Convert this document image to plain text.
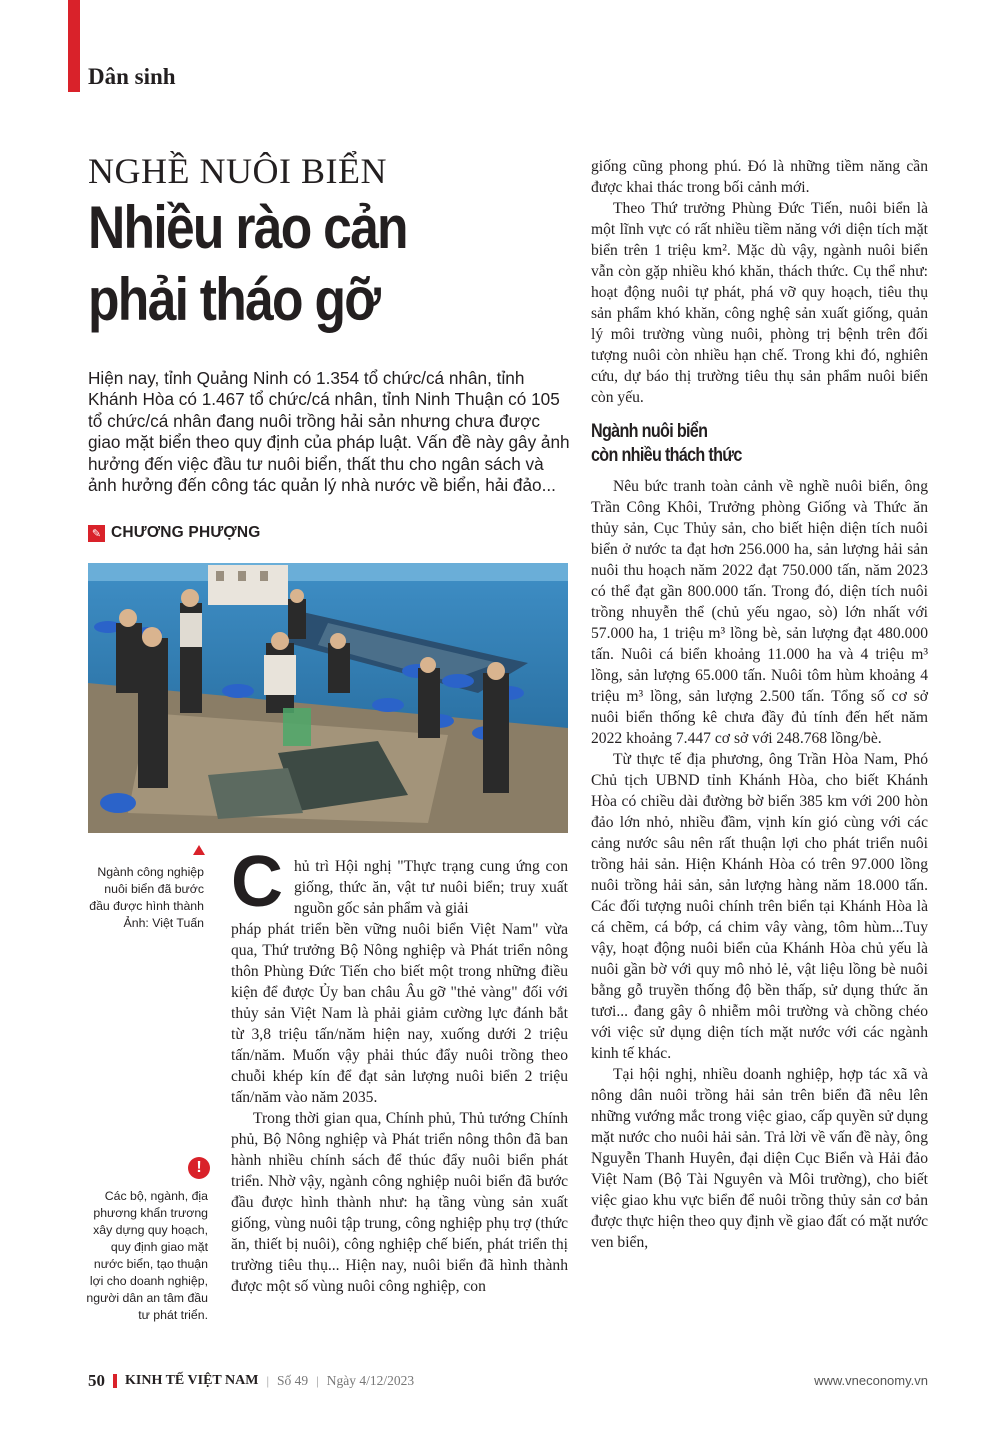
Dân sinh
NGHỀ NUÔI BIỂN
Nhiều rào cản phải tháo gỡ
Hiện nay, tỉnh Quảng Ninh có 1.354 tổ chức/cá nhân, tỉnh Khánh Hòa có 1.467 tổ chức/cá nhân, tỉnh Ninh Thuận có 105 tổ chức/cá nhân đang nuôi trồng hải sản nhưng chưa được giao mặt biển theo quy định của pháp luật. Vấn đề này gây ảnh hưởng đến việc đầu tư nuôi biển, thất thu cho ngân sách và ảnh hưởng đến công tác quản lý nhà nước về biển, hải đảo...
✎ CHƯƠNG PHƯỢNG
Ngành công nghiệp nuôi biển đã bước đầu được hình thành Ảnh: Việt Tuấn
!
Các bộ, ngành, địa phương khẩn trương xây dựng quy hoạch, quy định giao mặt nước biển, tạo thuận lợi cho doanh nghiệp, người dân an tâm đầu tư phát triển.
C hủ trì Hội nghị "Thực trạng cung ứng con giống, thức ăn, vật tư nuôi biển; truy xuất nguồn gốc sản phẩm và giải

pháp phát triển bền vững nuôi biển Việt Nam" vừa qua, Thứ trưởng Bộ Nông nghiệp và Phát triển nông thôn Phùng Đức Tiến cho biết một trong những điều kiện để được Ủy ban châu Âu gỡ "thẻ vàng" đối với thủy sản Việt Nam là phải giảm cường lực đánh bắt từ 3,8 triệu tấn/năm hiện nay, xuống dưới 2 triệu tấn/năm. Muốn vậy phải thúc đẩy nuôi trồng theo chuỗi khép kín để đạt sản lượng nuôi biển 2 triệu tấn/năm vào năm 2035.

Trong thời gian qua, Chính phủ, Thủ tướng Chính phủ, Bộ Nông nghiệp và Phát triển nông thôn đã ban hành nhiều chính sách để thúc đẩy nuôi biển phát triển. Nhờ vậy, ngành công nghiệp nuôi biển đã bước đầu được hình thành như: hạ tầng vùng sản xuất giống, vùng nuôi tập trung, công nghiệp phụ trợ (thức ăn, thiết bị nuôi), công nghiệp chế biến, phát triển thị trường tiêu thụ... Hiện nay, nuôi biển đã hình thành được một số vùng nuôi công nghiệp, con

giống cũng phong phú. Đó là những tiềm năng cần được khai thác trong bối cảnh mới.

Theo Thứ trưởng Phùng Đức Tiến, nuôi biển là một lĩnh vực có rất nhiều tiềm năng với diện tích mặt biển trên 1 triệu km². Mặc dù vậy, ngành nuôi biển vẫn còn gặp nhiều khó khăn, thách thức. Cụ thể như: hoạt động nuôi tự phát, phá vỡ quy hoạch, tiêu thụ sản phẩm khó khăn, công nghệ sản xuất giống, quản lý môi trường vùng nuôi, phòng trị bệnh trên đối tượng nuôi còn nhiều hạn chế. Trong khi đó, nghiên cứu, dự báo thị trường tiêu thụ sản phẩm nuôi biển còn yếu.

Ngành nuôi biển
còn nhiều thách thức

Nêu bức tranh toàn cảnh về nghề nuôi biển, ông Trần Công Khôi, Trưởng phòng Giống và Thức ăn thủy sản, Cục Thủy sản, cho biết hiện diện tích nuôi biển ở nước ta đạt hơn 256.000 ha, sản lượng hải sản nuôi thu hoạch năm 2022 đạt 750.000 tấn, năm 2023 có thể đạt gần 800.000 tấn. Trong đó, diện tích nuôi trồng nhuyễn thể (chủ yếu ngao, sò) lớn nhất với 57.000 ha, 1 triệu m³ lồng bè, sản lượng đạt 480.000 tấn. Nuôi cá biển khoảng 11.000 ha và 4 triệu m³ lồng, sản lượng 65.000 tấn. Nuôi tôm hùm khoảng 4 triệu m³ lồng, sản lượng 2.500 tấn. Tổng số cơ sở nuôi biển thống kê chưa đầy đủ tính đến hết năm 2022 khoảng 7.447 cơ sở với 248.768 lồng/bè.

Từ thực tế địa phương, ông Trần Hòa Nam, Phó Chủ tịch UBND tỉnh Khánh Hòa, cho biết Khánh Hòa có chiều dài đường bờ biển 385 km với 200 hòn đảo lớn nhỏ, nhiều đầm, vịnh kín gió cùng với các cảng nước sâu nên rất thuận lợi cho phát triển nuôi trồng hải sản. Hiện Khánh Hòa có trên 97.000 lồng nuôi trồng hải sản, sản lượng hàng năm 18.000 tấn. Các đối tượng nuôi chính trên biển tại Khánh Hòa là cá chẽm, cá bớp, cá chim vây vàng, tôm hùm...Tuy vậy, hoạt động nuôi biển của Khánh Hòa chủ yếu là nuôi gần bờ với quy mô nhỏ lẻ, vật liệu lồng bè nuôi bằng gỗ truyền thống độ bền thấp, sử dụng thức ăn tươi... đang gây ô nhiễm môi trường và chồng chéo với việc sử dụng diện tích mặt nước với các ngành kinh tế khác.

Tại hội nghị, nhiều doanh nghiệp, hợp tác xã và nông dân nuôi trồng hải sản trên biển đã nêu lên những vướng mắc trong việc giao, cấp quyền sử dụng mặt nước cho nuôi hải sản. Trả lời về vấn đề này, ông Nguyễn Thanh Huyên, đại diện Cục Biển và Hải đảo Việt Nam (Bộ Tài Nguyên và Môi trường), cho biết việc giao khu vực biển để nuôi trồng thủy sản cơ bản được thực hiện theo quy định về giao đất có mặt nước ven biển,

50 KINH TẾ VIỆT NAM | Số 49 | Ngày 4/12/2023	www.vneconomy.vn
